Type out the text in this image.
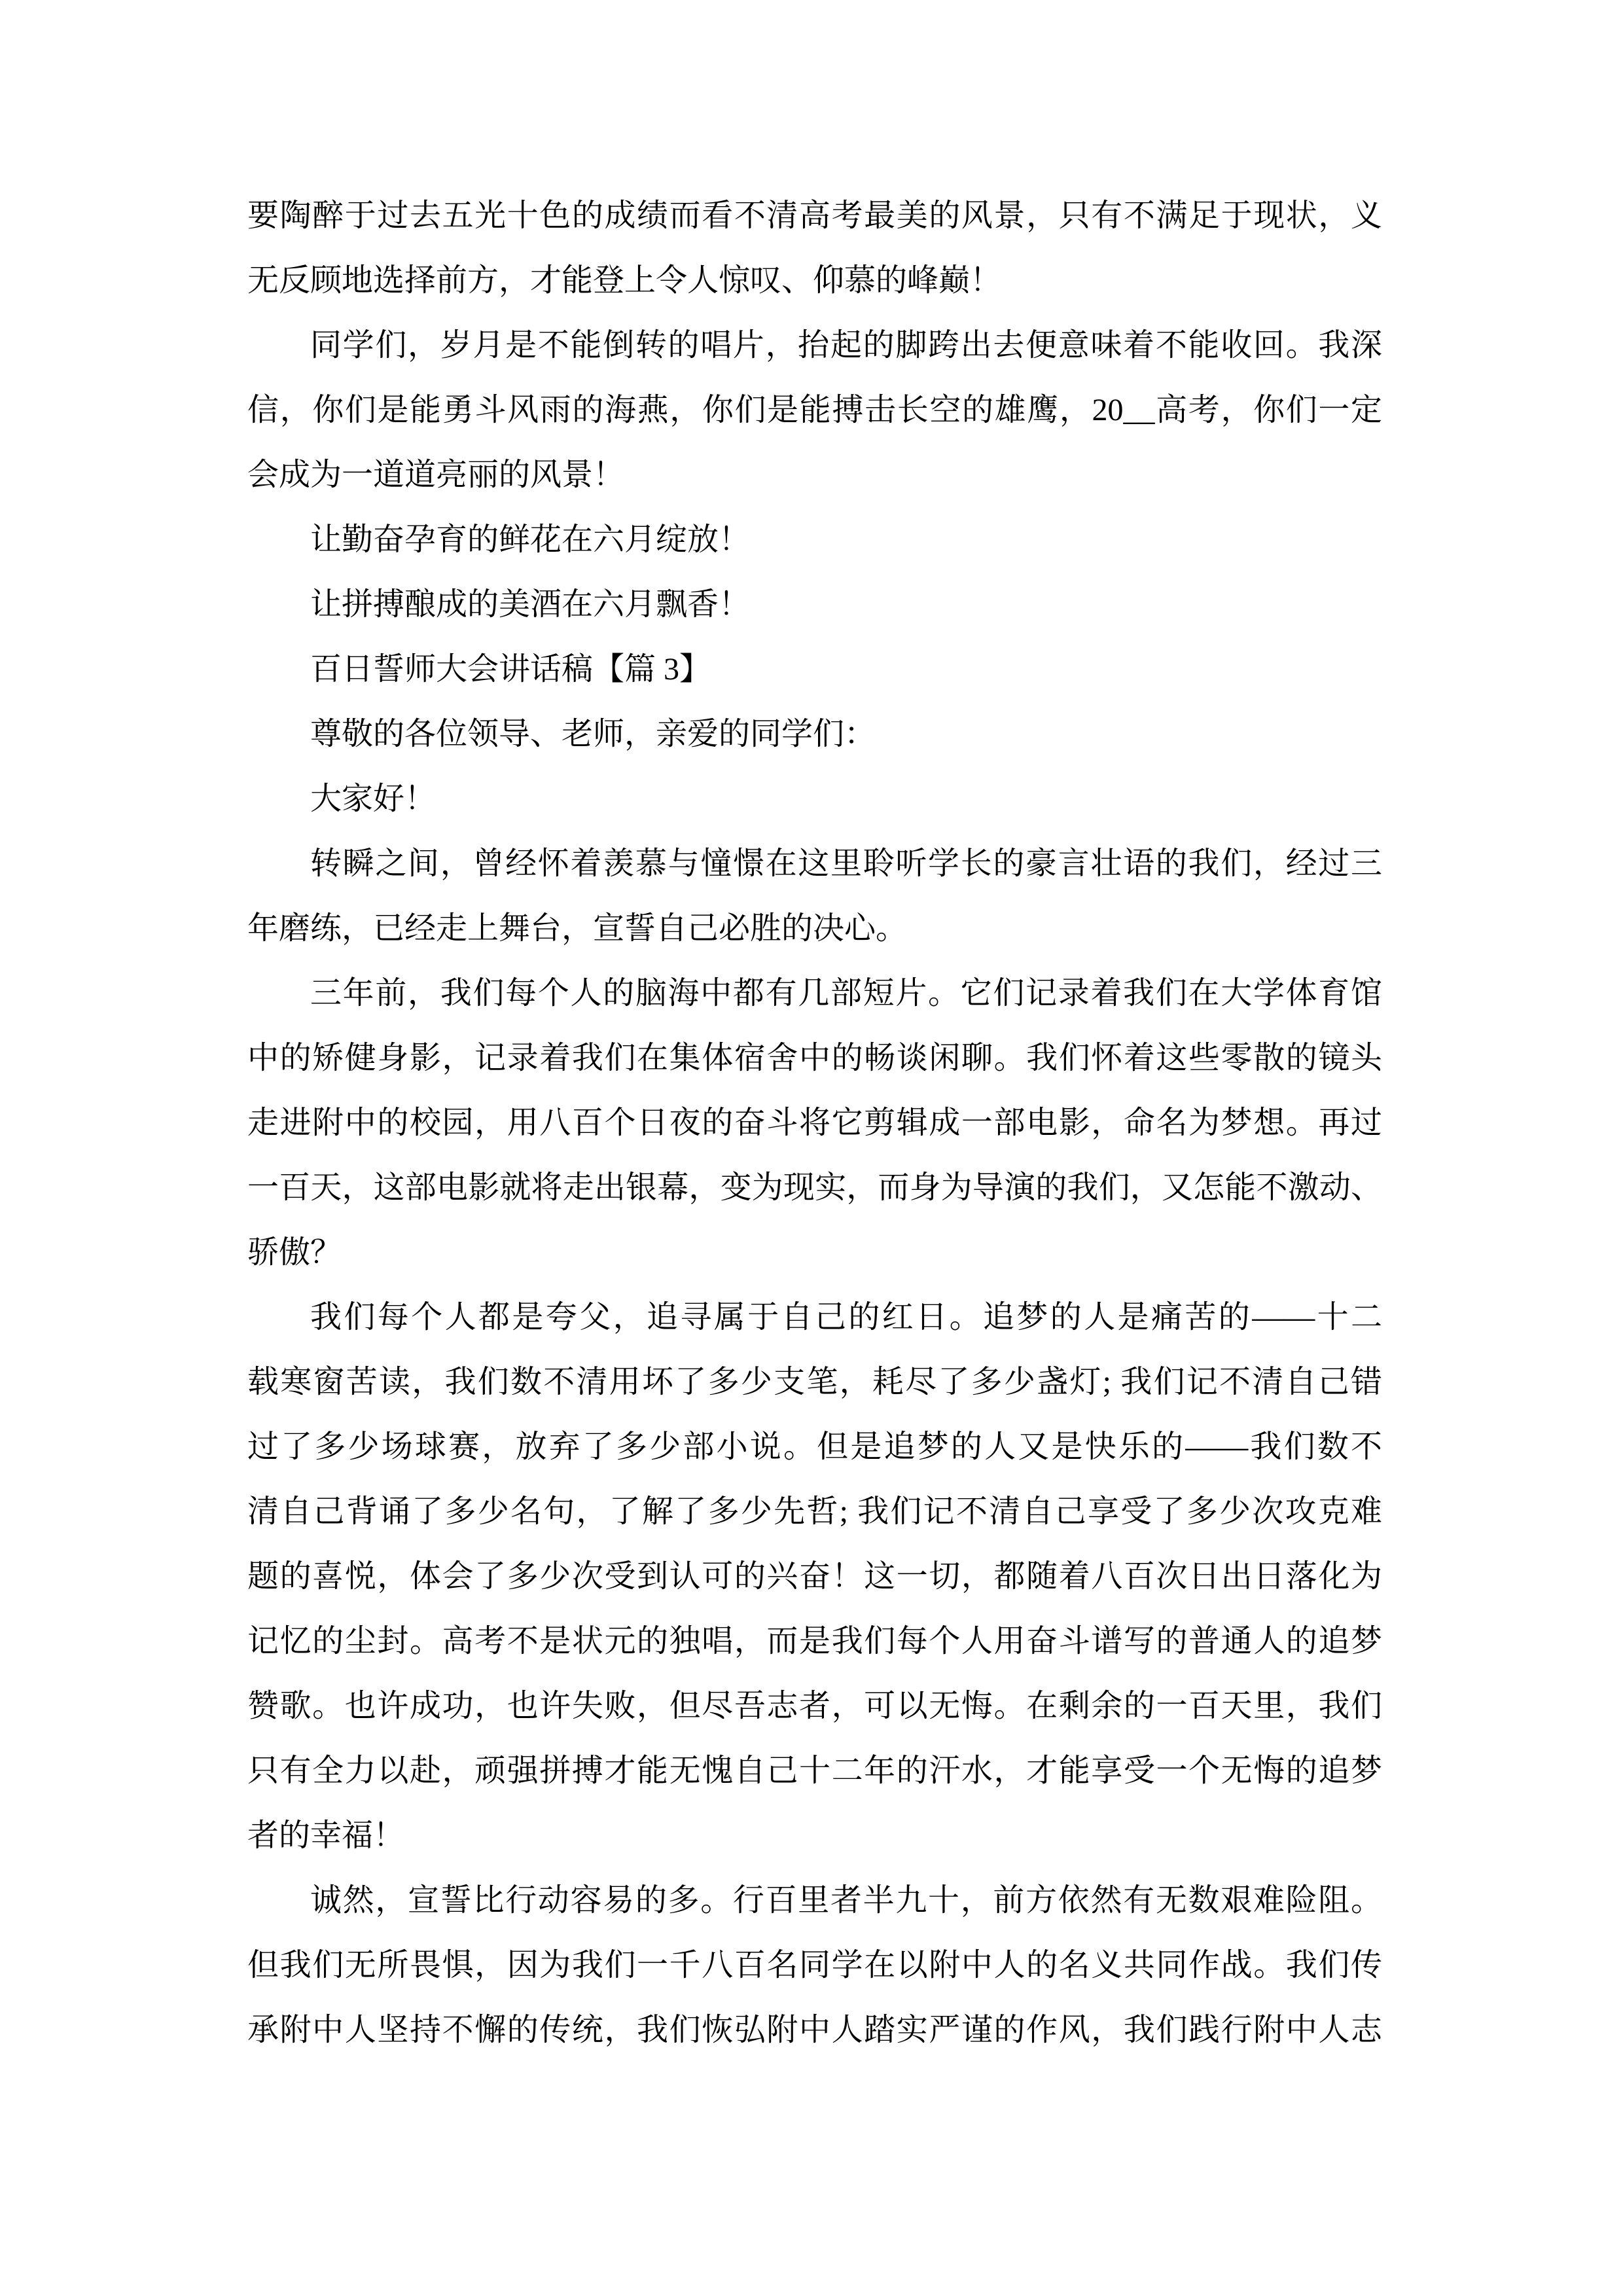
要陶醉于过去五光十色的成绩而看不清高考最美的风景，只有不满足于现状，义
无反顾地选择前方，才能登上令人惊叹、仰慕的峰巅！
同学们，岁月是不能倒转的唱片，抬起的脚跨出去便意味着不能收回。我深
信，你们是能勇斗风雨的海燕，你们是能搏击长空的雄鹰，20__高考，你们一定
会成为一道道亮丽的风景！
让勤奋孕育的鲜花在六月绽放！
让拼搏酿成的美酒在六月飘香！
百日誓师大会讲话稿【篇 3】
尊敬的各位领导、老师，亲爱的同学们：
大家好！
转瞬之间，曾经怀着羡慕与憧憬在这里聆听学长的豪言壮语的我们，经过三
年磨练，已经走上舞台，宣誓自己必胜的决心。
三年前，我们每个人的脑海中都有几部短片。它们记录着我们在大学体育馆
中的矫健身影，记录着我们在集体宿舍中的畅谈闲聊。我们怀着这些零散的镜头
走进附中的校园，用八百个日夜的奋斗将它剪辑成一部电影，命名为梦想。再过
一百天，这部电影就将走出银幕，变为现实，而身为导演的我们，又怎能不激动、
骄傲？
我们每个人都是夸父，追寻属于自己的红日。追梦的人是痛苦的——十二
载寒窗苦读，我们数不清用坏了多少支笔，耗尽了多少盏灯; 我们记不清自己错
过了多少场球赛，放弃了多少部小说。但是追梦的人又是快乐的——我们数不
清自己背诵了多少名句，了解了多少先哲; 我们记不清自己享受了多少次攻克难
题的喜悦，体会了多少次受到认可的兴奋！这一切，都随着八百次日出日落化为
记忆的尘封。高考不是状元的独唱，而是我们每个人用奋斗谱写的普通人的追梦
赞歌。也许成功，也许失败，但尽吾志者，可以无悔。在剩余的一百天里，我们
只有全力以赴，顽强拼搏才能无愧自己十二年的汗水，才能享受一个无悔的追梦
者的幸福！
诚然，宣誓比行动容易的多。行百里者半九十，前方依然有无数艰难险阻。
但我们无所畏惧，因为我们一千八百名同学在以附中人的名义共同作战。我们传
承附中人坚持不懈的传统，我们恢弘附中人踏实严谨的作风，我们践行附中人志
